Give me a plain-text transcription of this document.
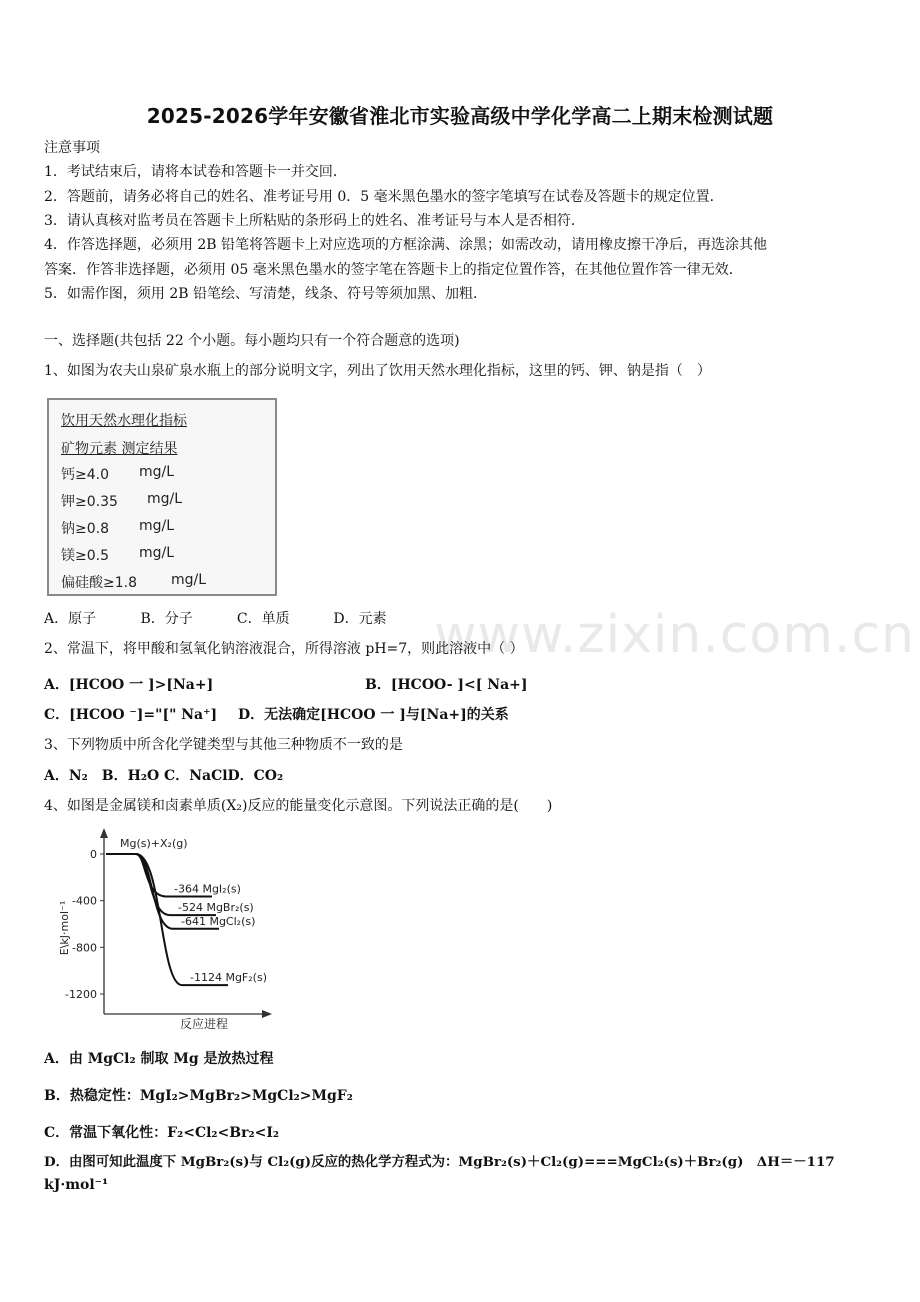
2025-2026学年安徽省淮北市实验高级中学化学高二上期末检测试题
注意事项
1．考试结束后，请将本试卷和答题卡一并交回．
2．答题前，请务必将自己的姓名、准考证号用 0．5 毫米黑色墨水的签字笔填写在试卷及答题卡的规定位置．
3．请认真核对监考员在答题卡上所粘贴的条形码上的姓名、准考证号与本人是否相符．
4．作答选择题，必须用 2B 铅笔将答题卡上对应选项的方框涂满、涂黑；如需改动，请用橡皮擦干净后，再选涂其他
答案．作答非选择题，必须用 05 毫米黑色墨水的签字笔在答题卡上的指定位置作答，在其他位置作答一律无效．
5．如需作图，须用 2B 铅笔绘、写清楚，线条、符号等须加黑、加粗．
一、选择题(共包括 22 个小题。每小题均只有一个符合题意的选项)
1、如图为农夫山泉矿泉水瓶上的部分说明文字，列出了饮用天然水理化指标，这里的钙、钾、钠是指（　）
饮用天然水理化指标
矿物元素 测定结果
钙≥4.0 mg/L
钾≥0.35 mg/L
钠≥0.8 mg/L
镁≥0.5 mg/L
偏硅酸≥1.8 mg/L
www.zixin.com.cn
A．原子	B．分子	C．单质	D．元素
2、常温下，将甲酸和氢氧化钠溶液混合，所得溶液 pH=7，则此溶液中（ ）
A．[HCOO 一 ]>[Na+]	B．[HCOO- ]<[ Na+]
C．[HCOO ⁻]="[" Na⁺] D．无法确定[HCOO 一 ]与[Na+]的关系
3、下列物质中所含化学键类型与其他三种物质不一致的是
A．N₂　B．H₂O C．NaClD．CO₂
4、如图是金属镁和卤素单质(X₂)反应的能量变化示意图。下列说法正确的是(　　)
0
-400
-800
-1200
-364 MgI₂(s)
-524 MgBr₂(s)
-641 MgCl₂(s)
-1124 MgF₂(s)
Mg(s)+X₂(g)
E\kJ·mol⁻¹
反应进程
A．由 MgCl₂ 制取 Mg 是放热过程
B．热稳定性：MgI₂>MgBr₂>MgCl₂>MgF₂
C．常温下氧化性：F₂<Cl₂<Br₂<I₂
D．由图可知此温度下 MgBr₂(s)与 Cl₂(g)反应的热化学方程式为：MgBr₂(s)＋Cl₂(g)===MgCl₂(s)＋Br₂(g)　ΔH＝－117
kJ·mol⁻¹
